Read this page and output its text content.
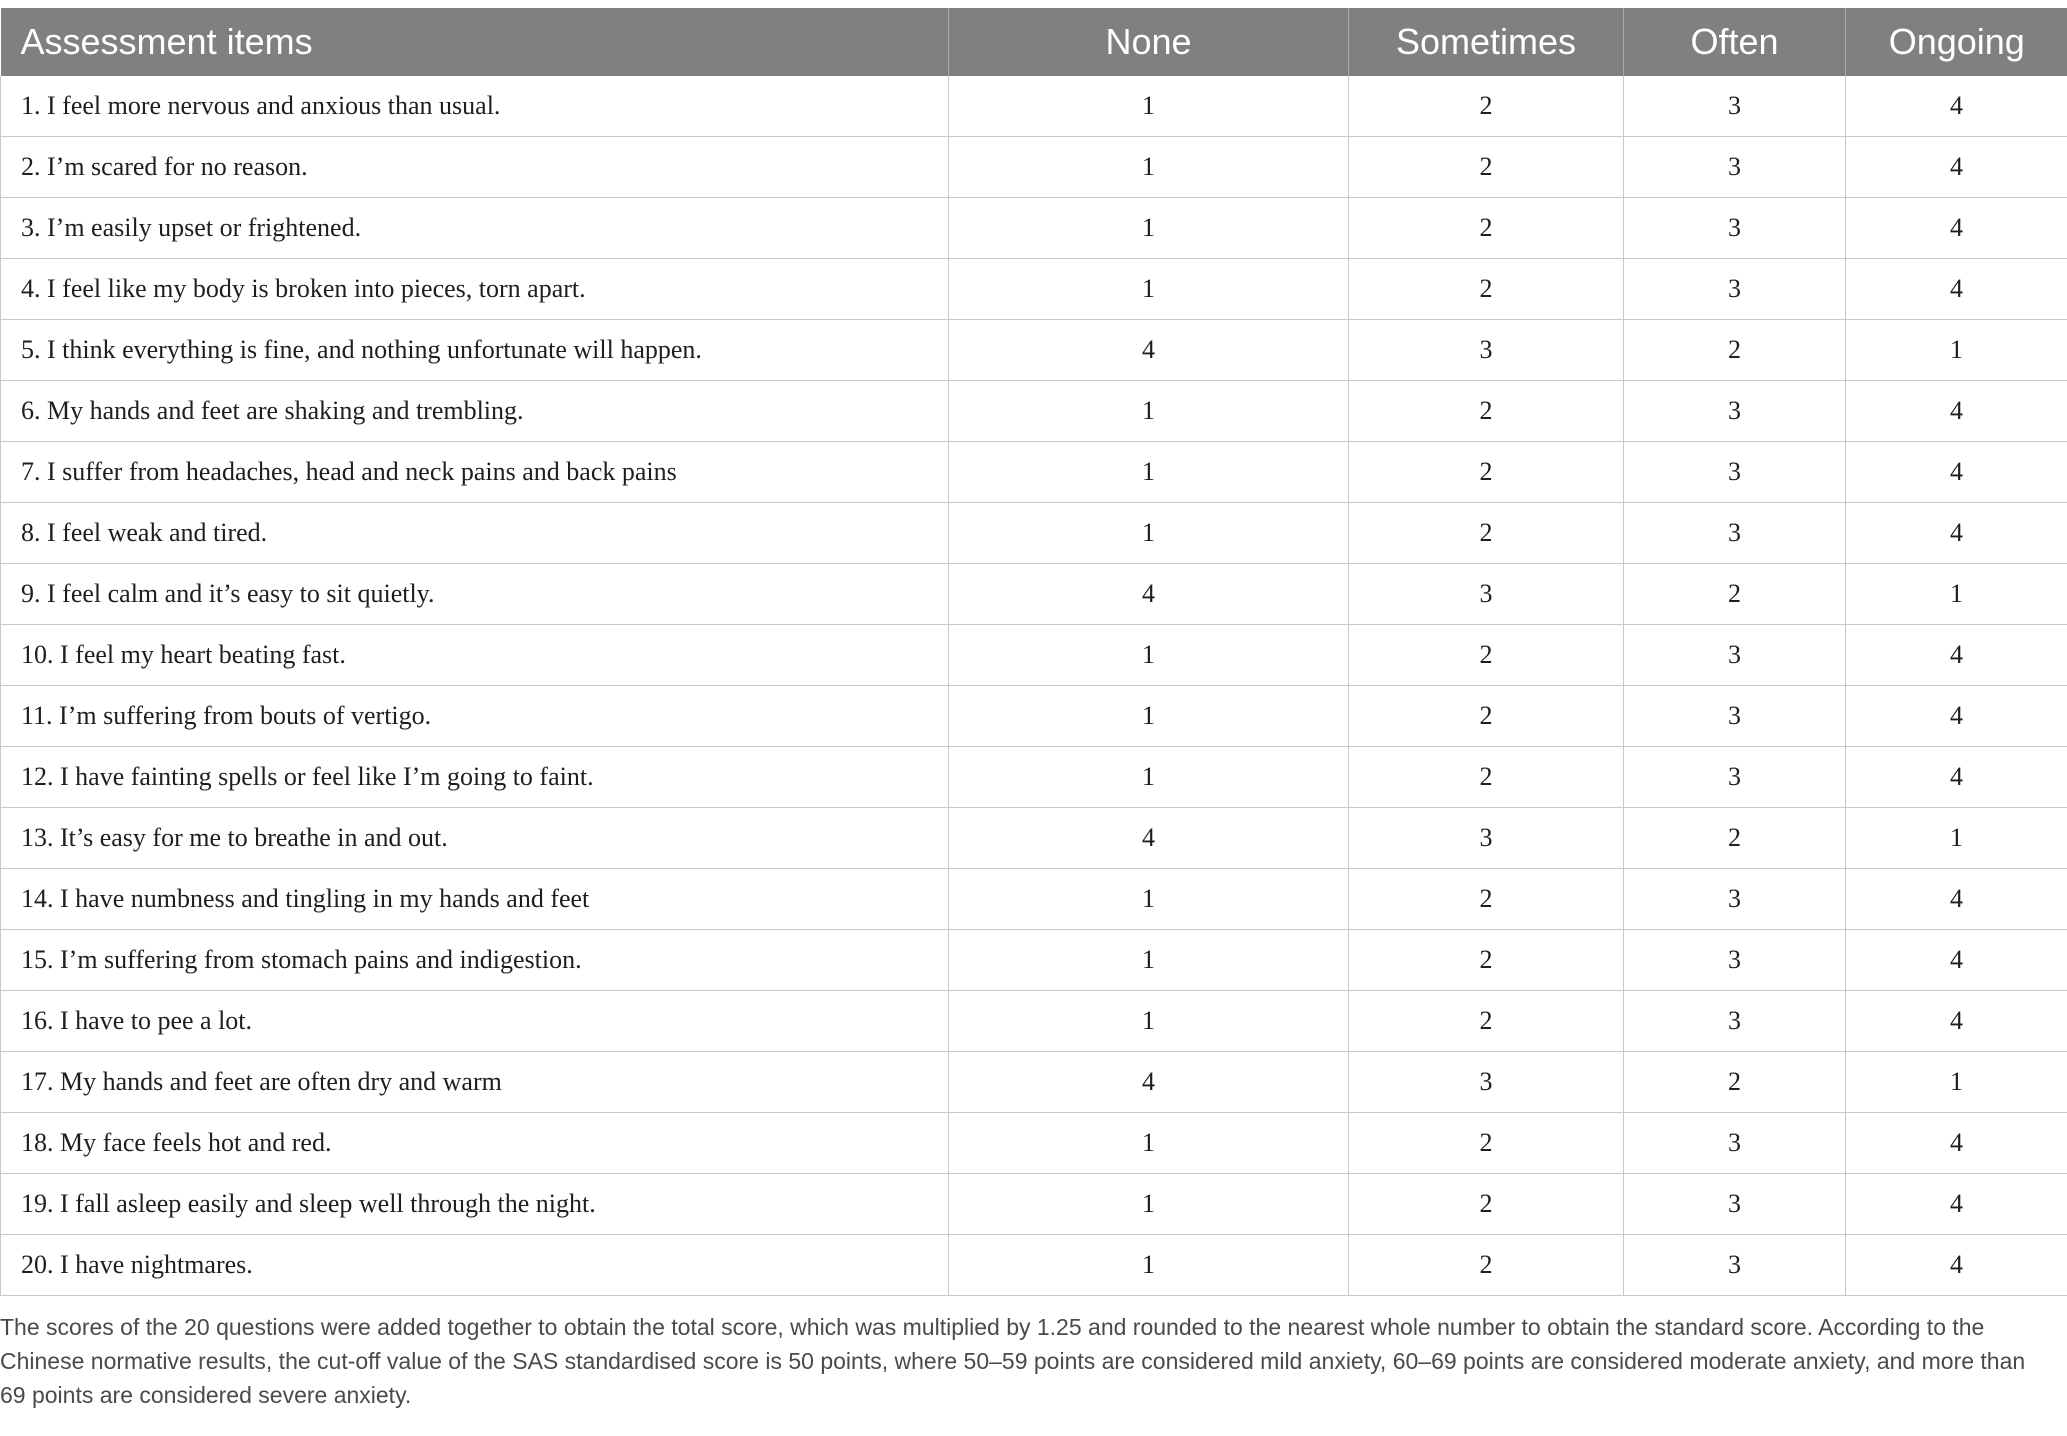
Assessment items	None	Sometimes	Often	Ongoing
1. I feel more nervous and anxious than usual.	1	2	3	4
2. I’m scared for no reason.	1	2	3	4
3. I’m easily upset or frightened.	1	2	3	4
4. I feel like my body is broken into pieces, torn apart.	1	2	3	4
5. I think everything is fine, and nothing unfortunate will happen.	4	3	2	1
6. My hands and feet are shaking and trembling.	1	2	3	4
7. I suffer from headaches, head and neck pains and back pains	1	2	3	4
8. I feel weak and tired.	1	2	3	4
9. I feel calm and it’s easy to sit quietly.	4	3	2	1
10. I feel my heart beating fast.	1	2	3	4
11. I’m suffering from bouts of vertigo.	1	2	3	4
12. I have fainting spells or feel like I’m going to faint.	1	2	3	4
13. It’s easy for me to breathe in and out.	4	3	2	1
14. I have numbness and tingling in my hands and feet	1	2	3	4
15. I’m suffering from stomach pains and indigestion.	1	2	3	4
16. I have to pee a lot.	1	2	3	4
17. My hands and feet are often dry and warm	4	3	2	1
18. My face feels hot and red.	1	2	3	4
19. I fall asleep easily and sleep well through the night.	1	2	3	4
20. I have nightmares.	1	2	3	4

The scores of the 20 questions were added together to obtain the total score, which was multiplied by 1.25 and rounded to the nearest whole number to obtain the standard score. According to the Chinese normative results, the cut-off value of the SAS standardised score is 50 points, where 50–59 points are considered mild anxiety, 60–69 points are considered moderate anxiety, and more than 69 points are considered severe anxiety.
